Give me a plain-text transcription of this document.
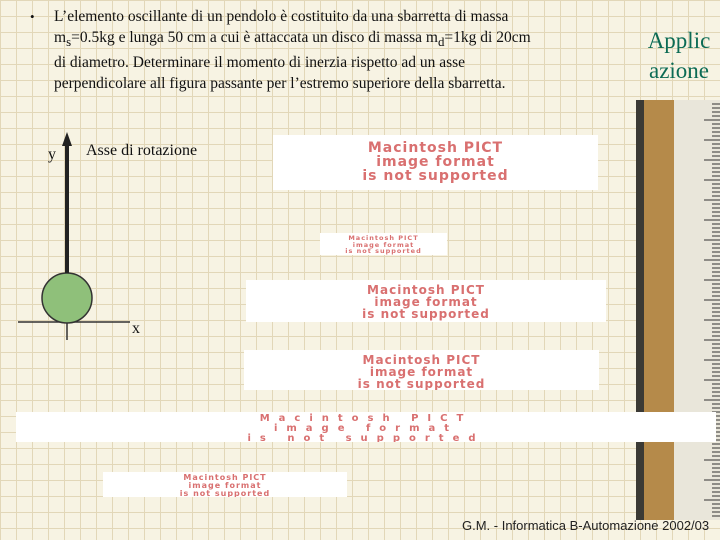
• L’elemento oscillante di un pendolo è costituito da una sbarretta di massa
$m_s=0.5kg$ e lunga 50 cm a cui è attaccata un disco di massa $m_d=1kg$ di 20cm
di diametro. Determinare il momento di inerzia rispetto ad un asse
perpendicolare all figura passante per l’estremo superiore della sbarretta.
Applic
azione
y
x
Asse di rotazione	Macintosh PICT
image format
is not supported
Macintosh PICT
image format
is not supported
Macintosh PICT
image format
is not supported
Macintosh PICT
image format
is not supported
Macintosh PICT
image format
is not supported
Macintosh PICT
image format
is not supported
G.M. - Informatica B-Automazione 2002/03
